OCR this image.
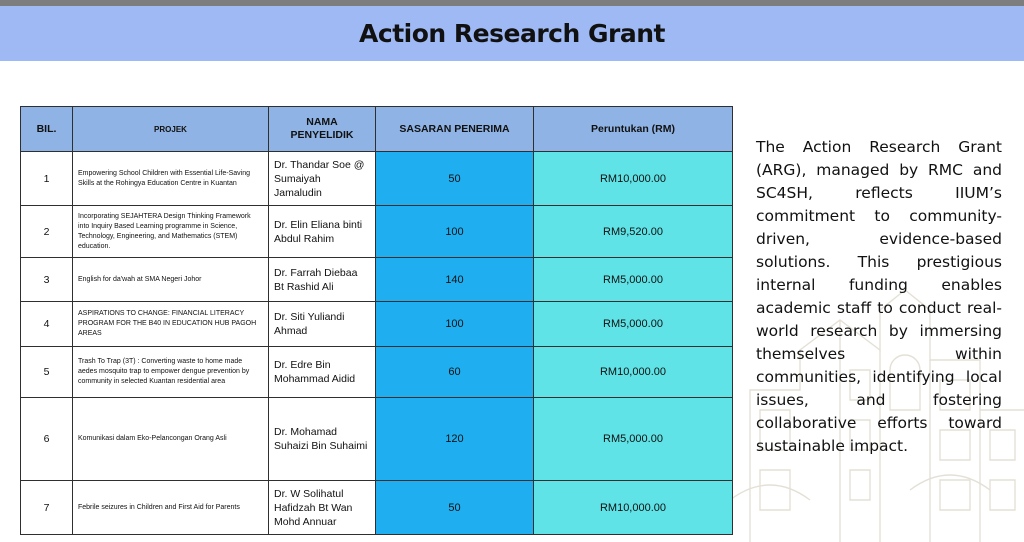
Action Research Grant
BIL.	PROJEK	NAMA PENYELIDIK	SASARAN PENERIMA	Peruntukan (RM)
1	Empowering School Children with Essential Life-Saving Skills at the Rohingya Education Centre in Kuantan	Dr. Thandar Soe @ Sumaiyah Jamaludin	50	RM10,000.00
2	Incorporating SEJAHTERA Design Thinking Framework into Inquiry Based Learning programme in Science, Technology, Engineering, and Mathematics (STEM) education.	Dr. Elin Eliana binti Abdul Rahim	100	RM9,520.00
3	English for da'wah at SMA Negeri Johor	Dr. Farrah Diebaa Bt Rashid Ali	140	RM5,000.00
4	ASPIRATIONS TO CHANGE: FINANCIAL LITERACY PROGRAM FOR THE B40 IN EDUCATION HUB PAGOH AREAS	Dr. Siti Yuliandi Ahmad	100	RM5,000.00
5	Trash To Trap (3T) : Converting waste to home made aedes mosquito trap to empower dengue prevention by community in selected Kuantan residential area	Dr. Edre Bin Mohammad Aidid	60	RM10,000.00
6	Komunikasi dalam Eko-Pelancongan Orang Asli	Dr. Mohamad Suhaizi Bin Suhaimi	120	RM5,000.00
7	Febrile seizures in Children and First Aid for Parents	Dr. W Solihatul Hafidzah Bt Wan Mohd Annuar	50	RM10,000.00

The Action Research Grant (ARG), managed by RMC and SC4SH, reflects IIUM’s commitment to community-driven, evidence-based solutions. This prestigious internal funding enables academic staff to conduct real-world research by immersing themselves within communities, identifying local issues, and fostering collaborative efforts toward sustainable impact.
